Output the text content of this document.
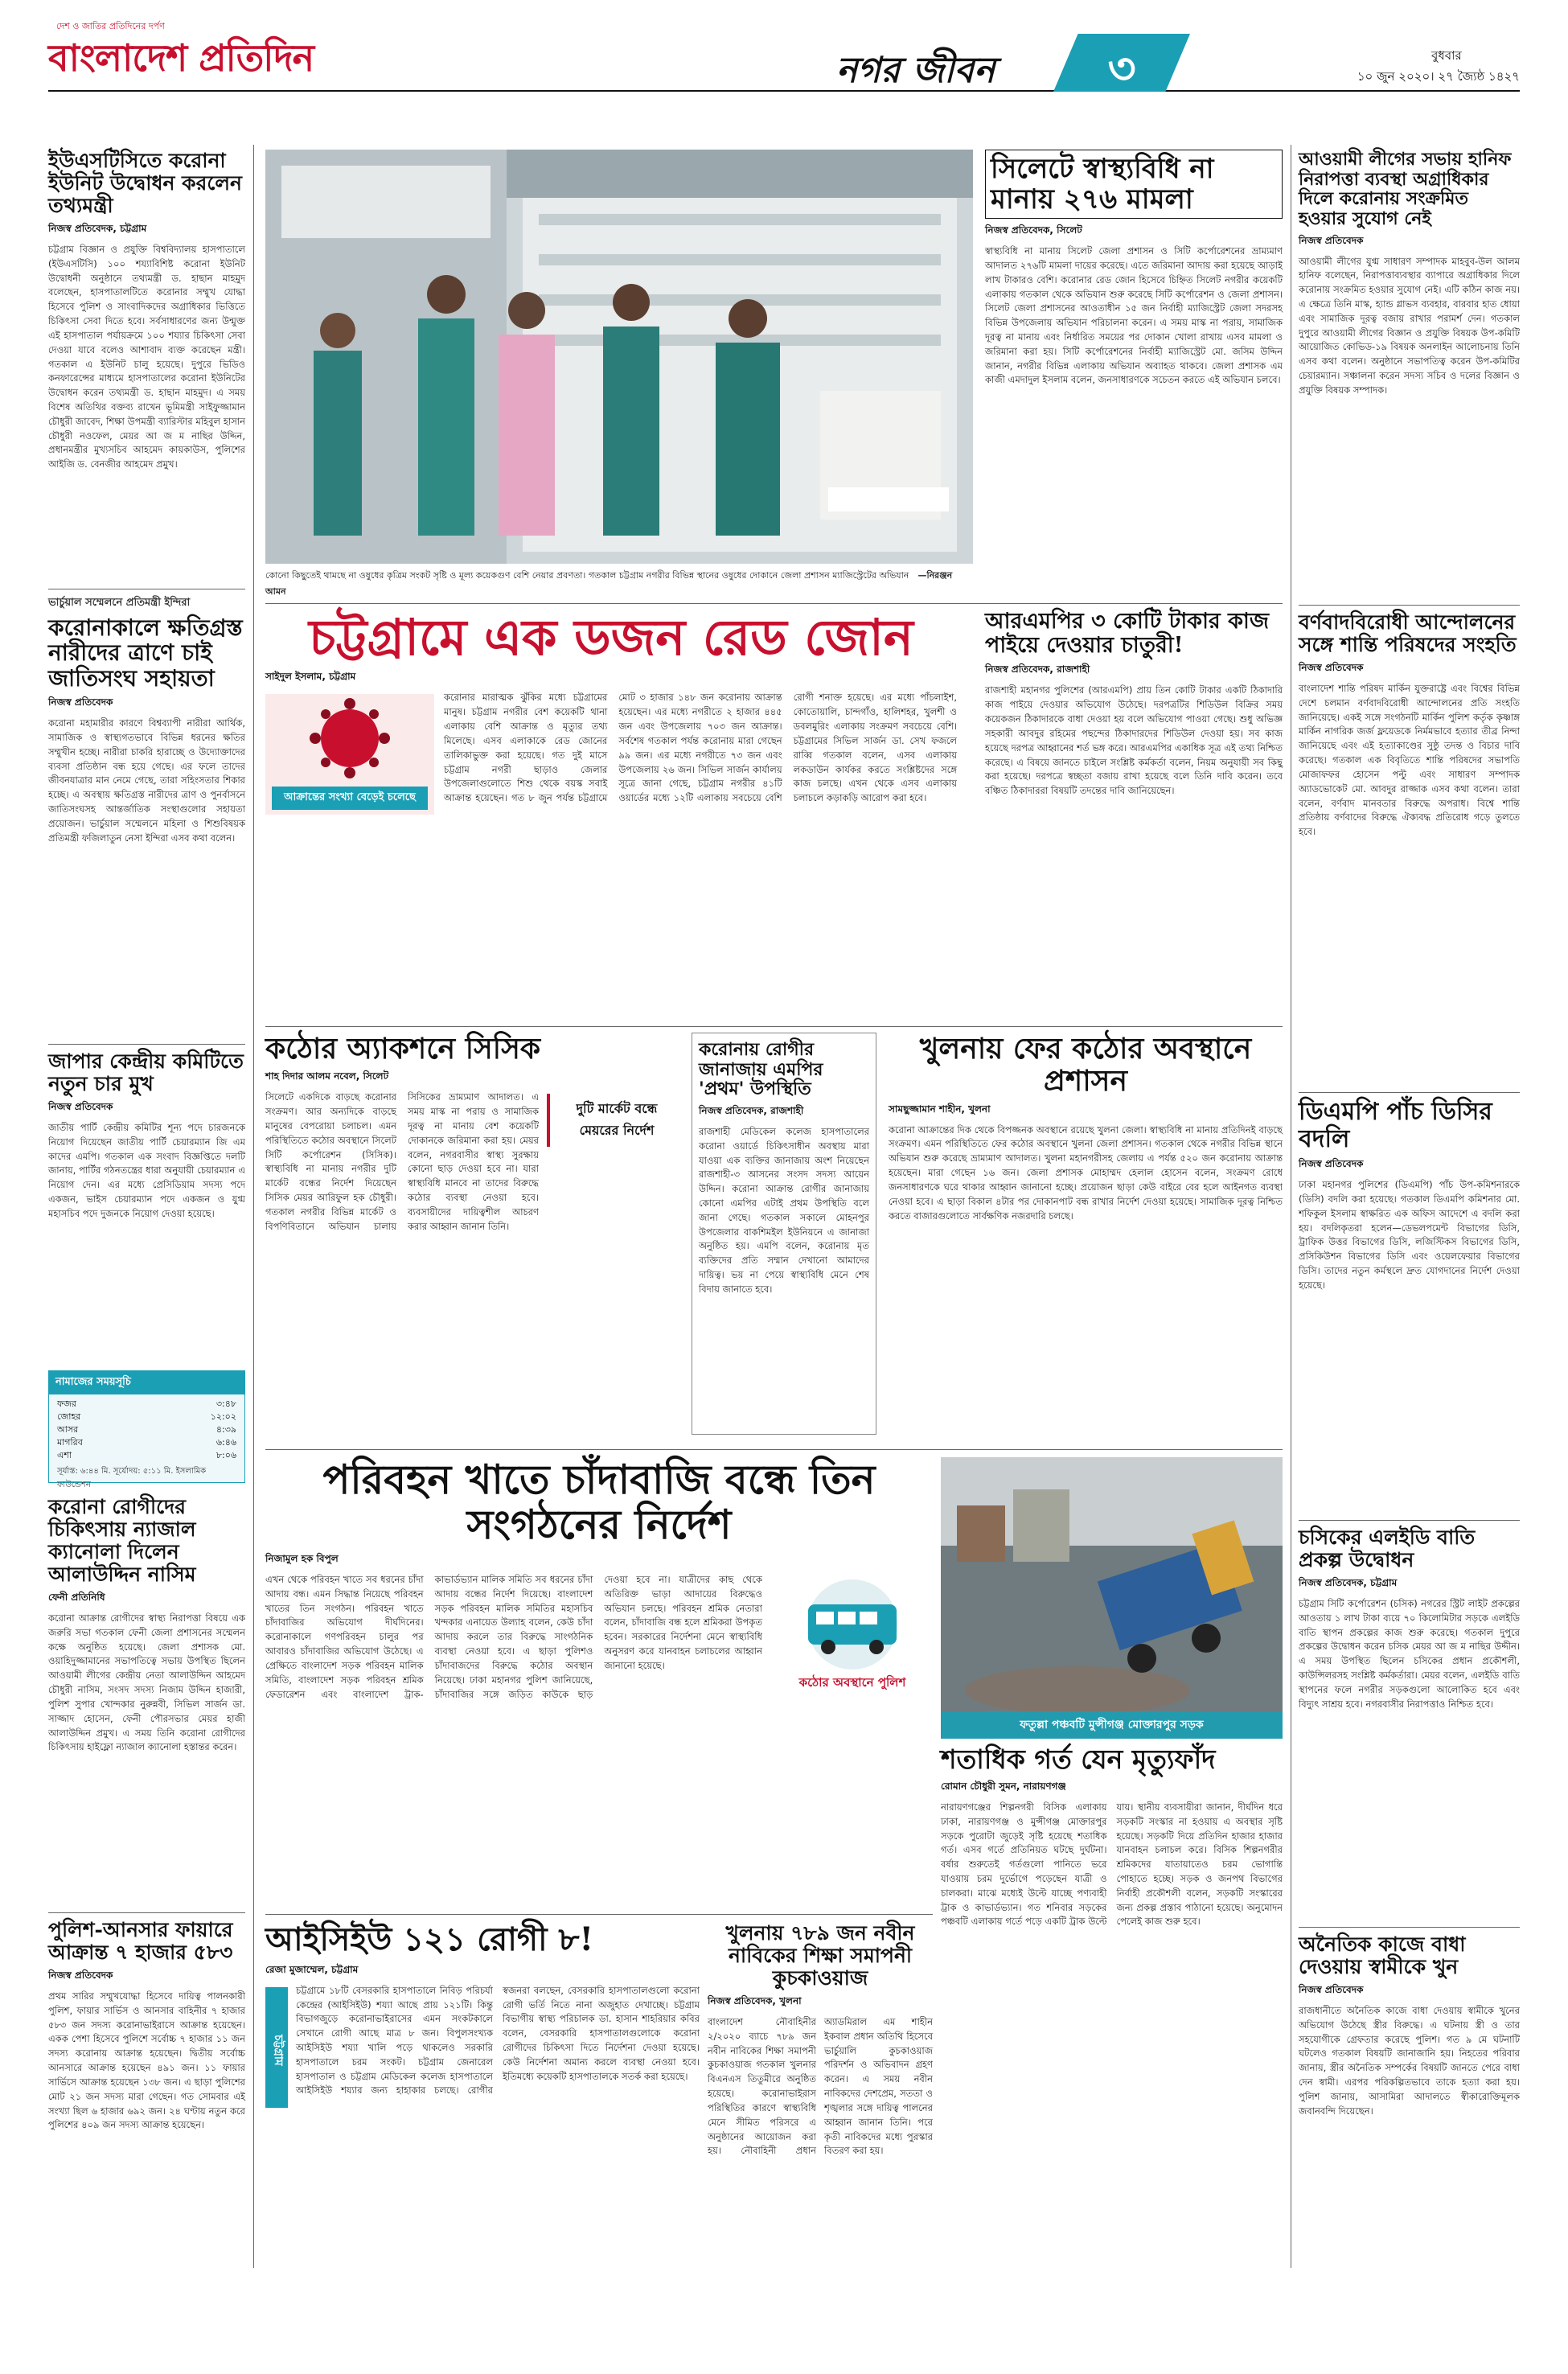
দেশ ও জাতির প্রতিদিনের দর্পণ
বাংলাদেশ প্রতিদিন	নগর জীবন	৩	বুধবার
১০ জুন ২০২০। ২৭ জ্যৈষ্ঠ ১৪২৭
ইউএসটিসিতে করোনা ইউনিট উদ্বোধন করলেন তথ্যমন্ত্রী
নিজস্ব প্রতিবেদক, চট্টগ্রাম
চট্টগ্রাম বিজ্ঞান ও প্রযুক্তি বিশ্ববিদ্যালয় হাসপাতালে (ইউএসটিসি) ১০০ শয্যাবিশিষ্ট করোনা ইউনিট উদ্বোধনী অনুষ্ঠানে তথ্যমন্ত্রী ড. হাছান মাহমুদ বলেছেন, হাসপাতালটিতে করোনার সম্মুখ যোদ্ধা হিসেবে পুলিশ ও সাংবাদিকদের অগ্রাধিকার ভিত্তিতে চিকিৎসা সেবা দিতে হবে। সর্বসাধারণের জন্য উন্মুক্ত এই হাসপাতাল পর্যায়ক্রমে ১০০ শয্যার চিকিৎসা সেবা দেওয়া যাবে বলেও আশাবাদ ব্যক্ত করেছেন মন্ত্রী। গতকাল এ ইউনিট চালু হয়েছে। দুপুরে ভিডিও কনফারেন্সের মাধ্যমে হাসপাতালের করোনা ইউনিটের উদ্বোধন করেন তথ্যমন্ত্রী ড. হাছান মাহমুদ। এ সময় বিশেষ অতিথির বক্তব্য রাখেন ভূমিমন্ত্রী সাইফুজ্জামান চৌধুরী জাবেদ, শিক্ষা উপমন্ত্রী ব্যারিস্টার মহিবুল হাসান চৌধুরী নওফেল, মেয়র আ জ ম নাছির উদ্দিন, প্রধানমন্ত্রীর মুখ্যসচিব আহমেদ কায়কাউস, পুলিশের আইজি ড. বেনজীর আহমেদ প্রমুখ।
ভার্চুয়াল সম্মেলনে প্রতিমন্ত্রী ইন্দিরা
করোনাকালে ক্ষতিগ্রস্ত নারীদের ত্রাণে চাই জাতিসংঘ সহায়তা
নিজস্ব প্রতিবেদক
করোনা মহামারীর কারণে বিশ্বব্যাপী নারীরা আর্থিক, সামাজিক ও স্বাস্থ্যগতভাবে বিভিন্ন ধরনের ক্ষতির সম্মুখীন হচ্ছে। নারীরা চাকরি হারাচ্ছে ও উদ্যোক্তাদের ব্যবসা প্রতিষ্ঠান বন্ধ হয়ে গেছে। এর ফলে তাদের জীবনযাত্রার মান নেমে গেছে, তারা সহিংসতার শিকার হচ্ছে। এ অবস্থায় ক্ষতিগ্রস্ত নারীদের ত্রাণ ও পুনর্বাসনে জাতিসংঘসহ আন্তর্জাতিক সংস্থাগুলোর সহায়তা প্রয়োজন। ভার্চুয়াল সম্মেলনে মহিলা ও শিশুবিষয়ক প্রতিমন্ত্রী ফজিলাতুন নেসা ইন্দিরা এসব কথা বলেন।
জাপার কেন্দ্রীয় কমিটিতে নতুন চার মুখ
নিজস্ব প্রতিবেদক
জাতীয় পার্টি কেন্দ্রীয় কমিটির শূন্য পদে চারজনকে নিয়োগ দিয়েছেন জাতীয় পার্টি চেয়ারম্যান জি এম কাদের এমপি। গতকাল এক সংবাদ বিজ্ঞপ্তিতে দলটি জানায়, পার্টির গঠনতন্ত্রের ধারা অনুযায়ী চেয়ারম্যান এ নিয়োগ দেন। এর মধ্যে প্রেসিডিয়াম সদস্য পদে একজন, ভাইস চেয়ারম্যান পদে একজন ও যুগ্ম মহাসচিব পদে দুজনকে নিয়োগ দেওয়া হয়েছে।
নামাজের সময়সূচি
ফজর	৩:৪৮
জোহর	১২:০২
আসর	৪:৩৯
মাগরিব	৬:৪৬
এশা	৮:০৬
সূর্যাস্ত: ৬:৪৪ মি. সূর্যোদয়: ৫:১১ মি. ইসলামিক ফাউন্ডেশন
করোনা রোগীদের চিকিৎসায় ন্যাজাল ক্যানোলা দিলেন আলাউদ্দিন নাসিম
ফেনী প্রতিনিধি
করোনা আক্রান্ত রোগীদের স্বাস্থ্য নিরাপত্তা বিষয়ে এক জরুরি সভা গতকাল ফেনী জেলা প্রশাসনের সম্মেলন কক্ষে অনুষ্ঠিত হয়েছে। জেলা প্রশাসক মো. ওয়াহিদুজ্জামানের সভাপতিত্বে সভায় উপস্থিত ছিলেন আওয়ামী লীগের কেন্দ্রীয় নেতা আলাউদ্দিন আহমেদ চৌধুরী নাসিম, সংসদ সদস্য নিজাম উদ্দিন হাজারী, পুলিশ সুপার খোন্দকার নুরুন্নবী, সিভিল সার্জন ডা. সাজ্জাদ হোসেন, ফেনী পৌরসভার মেয়র হাজী আলাউদ্দিন প্রমুখ। এ সময় তিনি করোনা রোগীদের চিকিৎসায় হাইফ্লো ন্যাজাল ক্যানোলা হস্তান্তর করেন।
পুলিশ-আনসার ফায়ারে আক্রান্ত ৭ হাজার ৫৮৩
নিজস্ব প্রতিবেদক
প্রথম সারির সম্মুখযোদ্ধা হিসেবে দায়িত্ব পালনকারী পুলিশ, ফায়ার সার্ভিস ও আনসার বাহিনীর ৭ হাজার ৫৮৩ জন সদস্য করোনাভাইরাসে আক্রান্ত হয়েছেন। একক পেশা হিসেবে পুলিশে সর্বোচ্চ ৭ হাজার ১১ জন সদস্য করোনায় আক্রান্ত হয়েছেন। দ্বিতীয় সর্বোচ্চ আনসারে আক্রান্ত হয়েছেন ৪৯১ জন। ১১ ফায়ার সার্ভিসে আক্রান্ত হয়েছেন ১৩৮ জন। এ ছাড়া পুলিশের মোট ২১ জন সদস্য মারা গেছেন। গত সোমবার এই সংখ্যা ছিল ৬ হাজার ৬৯২ জন। ২৪ ঘণ্টায় নতুন করে পুলিশের ৪০৯ জন সদস্য আক্রান্ত হয়েছেন।
কোনো কিছুতেই থামছে না ওষুধের কৃত্রিম সংকট সৃষ্টি ও মূল্য কয়েকগুণ বেশি নেয়ার প্রবণতা। গতকাল চট্টগ্রাম নগরীর বিভিন্ন স্থানের ওষুধের দোকানে জেলা প্রশাসন ম্যাজিস্ট্রেটের অভিযান —নিরঞ্জন আমন
সিলেটে স্বাস্থ্যবিধি না মানায় ২৭৬ মামলা
নিজস্ব প্রতিবেদক, সিলেট
স্বাস্থ্যবিধি না মানায় সিলেট জেলা প্রশাসন ও সিটি কর্পোরেশনের ভ্রাম্যমাণ আদালত ২৭৬টি মামলা দায়ের করেছে। এতে জরিমানা আদায় করা হয়েছে আড়াই লাখ টাকারও বেশি। করোনার রেড জোন হিসেবে চিহ্নিত সিলেট নগরীর কয়েকটি এলাকায় গতকাল থেকে অভিযান শুরু করেছে সিটি কর্পোরেশন ও জেলা প্রশাসন। সিলেট জেলা প্রশাসনের আওতাধীন ১৫ জন নির্বাহী ম্যাজিস্ট্রেট জেলা সদরসহ বিভিন্ন উপজেলায় অভিযান পরিচালনা করেন। এ সময় মাস্ক না পরায়, সামাজিক দূরত্ব না মানায় এবং নির্ধারিত সময়ের পর দোকান খোলা রাখায় এসব মামলা ও জরিমানা করা হয়। সিটি কর্পোরেশনের নির্বাহী ম্যাজিস্ট্রেট মো. জসিম উদ্দিন জানান, নগরীর বিভিন্ন এলাকায় অভিযান অব্যাহত থাকবে। জেলা প্রশাসক এম কাজী এমদাদুল ইসলাম বলেন, জনসাধারণকে সচেতন করতে এই অভিযান চলবে।
আওয়ামী লীগের সভায় হানিফ নিরাপত্তা ব্যবস্থা অগ্রাধিকার দিলে করোনায় সংক্রমিত হওয়ার সুযোগ নেই
নিজস্ব প্রতিবেদক
আওয়ামী লীগের যুগ্ম সাধারণ সম্পাদক মাহবুব-উল আলম হানিফ বলেছেন, নিরাপত্তাব্যবস্থার ব্যাপারে অগ্রাধিকার দিলে করোনায় সংক্রমিত হওয়ার সুযোগ নেই। এটি কঠিন কাজ নয়। এ ক্ষেত্রে তিনি মাস্ক, হ্যান্ড গ্লাভস ব্যবহার, বারবার হাত ধোয়া এবং সামাজিক দূরত্ব বজায় রাখার পরামর্শ দেন। গতকাল দুপুরে আওয়ামী লীগের বিজ্ঞান ও প্রযুক্তি বিষয়ক উপ-কমিটি আয়োজিত কোভিড-১৯ বিষয়ক অনলাইন আলোচনায় তিনি এসব কথা বলেন। অনুষ্ঠানে সভাপতিত্ব করেন উপ-কমিটির চেয়ারম্যান। সঞ্চালনা করেন সদস্য সচিব ও দলের বিজ্ঞান ও প্রযুক্তি বিষয়ক সম্পাদক।
বর্ণবাদবিরোধী আন্দোলনের সঙ্গে শান্তি পরিষদের সংহতি
নিজস্ব প্রতিবেদক
বাংলাদেশ শান্তি পরিষদ মার্কিন যুক্তরাষ্ট্রে এবং বিশ্বের বিভিন্ন দেশে চলমান বর্ণবাদবিরোধী আন্দোলনের প্রতি সংহতি জানিয়েছে। একই সঙ্গে সংগঠনটি মার্কিন পুলিশ কর্তৃক কৃষ্ণাঙ্গ মার্কিন নাগরিক জর্জ ফ্লয়েডকে নির্মমভাবে হত্যার তীব্র নিন্দা জানিয়েছে এবং এই হত্যাকাণ্ডের সুষ্ঠু তদন্ত ও বিচার দাবি করেছে। গতকাল এক বিবৃতিতে শান্তি পরিষদের সভাপতি মোজাফফর হোসেন পল্টু এবং সাধারণ সম্পাদক অ্যাডভোকেট মো. আবদুর রাজ্জাক এসব কথা বলেন। তারা বলেন, বর্ণবাদ মানবতার বিরুদ্ধে অপরাধ। বিশ্বে শান্তি প্রতিষ্ঠায় বর্ণবাদের বিরুদ্ধে ঐক্যবদ্ধ প্রতিরোধ গড়ে তুলতে হবে।
ডিএমপি পাঁচ ডিসির বদলি
নিজস্ব প্রতিবেদক
ঢাকা মহানগর পুলিশের (ডিএমপি) পাঁচ উপ-কমিশনারকে (ডিসি) বদলি করা হয়েছে। গতকাল ডিএমপি কমিশনার মো. শফিকুল ইসলাম স্বাক্ষরিত এক অফিস আদেশে এ বদলি করা হয়। বদলিকৃতরা হলেন—ডেভলপমেন্ট বিভাগের ডিসি, ট্রাফিক উত্তর বিভাগের ডিসি, লজিস্টিকস বিভাগের ডিসি, প্রসিকিউশন বিভাগের ডিসি এবং ওয়েলফেয়ার বিভাগের ডিসি। তাদের নতুন কর্মস্থলে দ্রুত যোগদানের নির্দেশ দেওয়া হয়েছে।
চসিকের এলইডি বাতি প্রকল্প উদ্বোধন
নিজস্ব প্রতিবেদক, চট্টগ্রাম
চট্টগ্রাম সিটি কর্পোরেশন (চসিক) নগরের স্ট্রিট লাইট প্রকল্পের আওতায় ১ লাখ টাকা ব্যয়ে ৭০ কিলোমিটার সড়কে এলইডি বাতি স্থাপন প্রকল্পের কাজ শুরু করেছে। গতকাল দুপুরে প্রকল্পের উদ্বোধন করেন চসিক মেয়র আ জ ম নাছির উদ্দীন। এ সময় উপস্থিত ছিলেন চসিকের প্রধান প্রকৌশলী, কাউন্সিলরসহ সংশ্লিষ্ট কর্মকর্তারা। মেয়র বলেন, এলইডি বাতি স্থাপনের ফলে নগরীর সড়কগুলো আলোকিত হবে এবং বিদ্যুৎ সাশ্রয় হবে। নগরবাসীর নিরাপত্তাও নিশ্চিত হবে।
অনৈতিক কাজে বাধা দেওয়ায় স্বামীকে খুন
নিজস্ব প্রতিবেদক
রাজধানীতে অনৈতিক কাজে বাধা দেওয়ায় স্বামীকে খুনের অভিযোগ উঠেছে স্ত্রীর বিরুদ্ধে। এ ঘটনায় স্ত্রী ও তার সহযোগীকে গ্রেফতার করেছে পুলিশ। গত ৯ মে ঘটনাটি ঘটলেও গতকাল বিষয়টি জানাজানি হয়। নিহতের পরিবার জানায়, স্ত্রীর অনৈতিক সম্পর্কের বিষয়টি জানতে পেরে বাধা দেন স্বামী। এরপর পরিকল্পিতভাবে তাকে হত্যা করা হয়। পুলিশ জানায়, আসামিরা আদালতে স্বীকারোক্তিমূলক জবানবন্দি দিয়েছেন।
চট্টগ্রামে এক ডজন রেড জোন
সাইদুল ইসলাম, চট্টগ্রাম
আক্রান্তের সংখ্যা বেড়েই চলেছে
করোনার মারাত্মক ঝুঁকির মধ্যে চট্টগ্রামের মানুষ। চট্টগ্রাম নগরীর বেশ কয়েকটি থানা এলাকায় বেশি আক্রান্ত ও মৃত্যুর তথ্য মিলেছে। এসব এলাকাকে রেড জোনের তালিকাভুক্ত করা হয়েছে। গত দুই মাসে চট্টগ্রাম নগরী ছাড়াও জেলার উপজেলাগুলোতে শিশু থেকে বয়স্ক সবাই আক্রান্ত হয়েছেন। গত ৮ জুন পর্যন্ত চট্টগ্রামে মোট ৩ হাজার ১৪৮ জন করোনায় আক্রান্ত হয়েছেন। এর মধ্যে নগরীতে ২ হাজার ৪৪৫ জন এবং উপজেলায় ৭০৩ জন আক্রান্ত। সর্বশেষ গতকাল পর্যন্ত করোনায় মারা গেছেন ৯৯ জন। এর মধ্যে নগরীতে ৭৩ জন এবং উপজেলায় ২৬ জন। সিভিল সার্জন কার্যালয় সূত্রে জানা গেছে, চট্টগ্রাম নগরীর ৪১টি ওয়ার্ডের মধ্যে ১২টি এলাকায় সবচেয়ে বেশি রোগী শনাক্ত হয়েছে। এর মধ্যে পাঁচলাইশ, কোতোয়ালি, চান্দগাঁও, হালিশহর, খুলশী ও ডবলমুরিং এলাকায় সংক্রমণ সবচেয়ে বেশি। চট্টগ্রামের সিভিল সার্জন ডা. সেখ ফজলে রাব্বি গতকাল বলেন, এসব এলাকায় লকডাউন কার্যকর করতে সংশ্লিষ্টদের সঙ্গে কাজ চলছে। এখন থেকে এসব এলাকায় চলাচলে কড়াকড়ি আরোপ করা হবে।
আরএমপির ৩ কোটি টাকার কাজ পাইয়ে দেওয়ার চাতুরী!
নিজস্ব প্রতিবেদক, রাজশাহী
রাজশাহী মহানগর পুলিশের (আরএমপি) প্রায় তিন কোটি টাকার একটি ঠিকাদারি কাজ পাইয়ে দেওয়ার অভিযোগ উঠেছে। দরপত্রটির শিডিউল বিক্রির সময় কয়েকজন ঠিকাদারকে বাধা দেওয়া হয় বলে অভিযোগ পাওয়া গেছে। শুধু অভিজ্ঞ সহকারী আবদুর রহিমের পছন্দের ঠিকাদারদের শিডিউল দেওয়া হয়। সব কাজ হয়েছে দরপত্র আহ্বানের শর্ত ভঙ্গ করে। আরএমপির একাধিক সূত্র এই তথ্য নিশ্চিত করেছে। এ বিষয়ে জানতে চাইলে সংশ্লিষ্ট কর্মকর্তা বলেন, নিয়ম অনুযায়ী সব কিছু করা হয়েছে। দরপত্রে স্বচ্ছতা বজায় রাখা হয়েছে বলে তিনি দাবি করেন। তবে বঞ্চিত ঠিকাদাররা বিষয়টি তদন্তের দাবি জানিয়েছেন।
কঠোর অ্যাকশনে সিসিক
শাহ দিদার আলম নবেল, সিলেট
দুটি মার্কেট বন্ধে মেয়রের নির্দেশ
সিলেটে একদিকে বাড়ছে করোনার সংক্রমণ। আর অন্যদিকে বাড়ছে মানুষের বেপরোয়া চলাচল। এমন পরিস্থিতিতে কঠোর অবস্থানে সিলেট সিটি কর্পোরেশন (সিসিক)। স্বাস্থ্যবিধি না মানায় নগরীর দুটি মার্কেট বন্ধের নির্দেশ দিয়েছেন সিসিক মেয়র আরিফুল হক চৌধুরী। গতকাল নগরীর বিভিন্ন মার্কেট ও বিপণিবিতানে অভিযান চালায় সিসিকের ভ্রাম্যমাণ আদালত। এ সময় মাস্ক না পরায় ও সামাজিক দূরত্ব না মানায় বেশ কয়েকটি দোকানকে জরিমানা করা হয়। মেয়র বলেন, নগরবাসীর স্বাস্থ্য সুরক্ষায় কোনো ছাড় দেওয়া হবে না। যারা স্বাস্থ্যবিধি মানবে না তাদের বিরুদ্ধে কঠোর ব্যবস্থা নেওয়া হবে। ব্যবসায়ীদের দায়িত্বশীল আচরণ করার আহ্বান জানান তিনি।
করোনায় রোগীর জানাজায় এমপির 'প্রথম' উপস্থিতি
নিজস্ব প্রতিবেদক, রাজশাহী
রাজশাহী মেডিকেল কলেজ হাসপাতালের করোনা ওয়ার্ডে চিকিৎসাধীন অবস্থায় মারা যাওয়া এক ব্যক্তির জানাজায় অংশ নিয়েছেন রাজশাহী-৩ আসনের সংসদ সদস্য আয়েন উদ্দিন। করোনা আক্রান্ত রোগীর জানাজায় কোনো এমপির এটাই প্রথম উপস্থিতি বলে জানা গেছে। গতকাল সকালে মোহনপুর উপজেলার বাকশিমইল ইউনিয়নে এ জানাজা অনুষ্ঠিত হয়। এমপি বলেন, করোনায় মৃত ব্যক্তিদের প্রতি সম্মান দেখানো আমাদের দায়িত্ব। ভয় না পেয়ে স্বাস্থ্যবিধি মেনে শেষ বিদায় জানাতে হবে।
খুলনায় ফের কঠোর অবস্থানে প্রশাসন
সামছুজ্জামান শাহীন, খুলনা
করোনা আক্রান্তের দিক থেকে বিপজ্জনক অবস্থানে রয়েছে খুলনা জেলা। স্বাস্থ্যবিধি না মানায় প্রতিদিনই বাড়ছে সংক্রমণ। এমন পরিস্থিতিতে ফের কঠোর অবস্থানে খুলনা জেলা প্রশাসন। গতকাল থেকে নগরীর বিভিন্ন স্থানে অভিযান শুরু করেছে ভ্রাম্যমাণ আদালত। খুলনা মহানগরীসহ জেলায় এ পর্যন্ত ৫২০ জন করোনায় আক্রান্ত হয়েছেন। মারা গেছেন ১৬ জন। জেলা প্রশাসক মোহাম্মদ হেলাল হোসেন বলেন, সংক্রমণ রোধে জনসাধারণকে ঘরে থাকার আহ্বান জানানো হচ্ছে। প্রয়োজন ছাড়া কেউ বাইরে বের হলে আইনগত ব্যবস্থা নেওয়া হবে। এ ছাড়া বিকাল ৪টার পর দোকানপাট বন্ধ রাখার নির্দেশ দেওয়া হয়েছে। সামাজিক দূরত্ব নিশ্চিত করতে বাজারগুলোতে সার্বক্ষণিক নজরদারি চলছে।
পরিবহন খাতে চাঁদাবাজি বন্ধে তিন সংগঠনের নির্দেশ
নিজামুল হক বিপুল
কঠোর অবস্থানে পুলিশ
এখন থেকে পরিবহন খাতে সব ধরনের চাঁদা আদায় বন্ধ। এমন সিদ্ধান্ত নিয়েছে পরিবহন খাতের তিন সংগঠন। পরিবহন খাতে চাঁদাবাজির অভিযোগ দীর্ঘদিনের। করোনাকালে গণপরিবহন চালুর পর আবারও চাঁদাবাজির অভিযোগ উঠেছে। এ প্রেক্ষিতে বাংলাদেশ সড়ক পরিবহন মালিক সমিতি, বাংলাদেশ সড়ক পরিবহন শ্রমিক ফেডারেশন এবং বাংলাদেশ ট্রাক-কাভার্ডভ্যান মালিক সমিতি সব ধরনের চাঁদা আদায় বন্ধের নির্দেশ দিয়েছে। বাংলাদেশ সড়ক পরিবহন মালিক সমিতির মহাসচিব খন্দকার এনায়েত উল্যাহ বলেন, কেউ চাঁদা আদায় করলে তার বিরুদ্ধে সাংগঠনিক ব্যবস্থা নেওয়া হবে। এ ছাড়া পুলিশও চাঁদাবাজদের বিরুদ্ধে কঠোর অবস্থান নিয়েছে। ঢাকা মহানগর পুলিশ জানিয়েছে, চাঁদাবাজির সঙ্গে জড়িত কাউকে ছাড় দেওয়া হবে না। যাত্রীদের কাছ থেকে অতিরিক্ত ভাড়া আদায়ের বিরুদ্ধেও অভিযান চলছে। পরিবহন শ্রমিক নেতারা বলেন, চাঁদাবাজি বন্ধ হলে শ্রমিকরা উপকৃত হবেন। সরকারের নির্দেশনা মেনে স্বাস্থ্যবিধি অনুসরণ করে যানবাহন চলাচলের আহ্বান জানানো হয়েছে।
ফতুল্লা পঞ্চবটি মুন্সীগঞ্জ মোক্তারপুর সড়ক
শতাধিক গর্ত যেন মৃত্যুফাঁদ
রোমান চৌধুরী সুমন, নারায়ণগঞ্জ
নারায়ণগঞ্জের শিল্পনগরী বিসিক এলাকায় ঢাকা, নারায়ণগঞ্জ ও মুন্সীগঞ্জ মোক্তারপুর সড়কে পুরোটা জুড়েই সৃষ্টি হয়েছে শতাধিক গর্ত। এসব গর্তে প্রতিনিয়ত ঘটছে দুর্ঘটনা। বর্ষার শুরুতেই গর্তগুলো পানিতে ভরে যাওয়ায় চরম দুর্ভোগে পড়েছেন যাত্রী ও চালকরা। মাঝে মধ্যেই উল্টে যাচ্ছে পণ্যবাহী ট্রাক ও কাভার্ডভ্যান। গত শনিবার সড়কের পঞ্চবটি এলাকায় গর্তে পড়ে একটি ট্রাক উল্টে যায়। স্থানীয় ব্যবসায়ীরা জানান, দীর্ঘদিন ধরে সড়কটি সংস্কার না হওয়ায় এ অবস্থার সৃষ্টি হয়েছে। সড়কটি দিয়ে প্রতিদিন হাজার হাজার যানবাহন চলাচল করে। বিসিক শিল্পনগরীর শ্রমিকদের যাতায়াতেও চরম ভোগান্তি পোহাতে হচ্ছে। সড়ক ও জনপথ বিভাগের নির্বাহী প্রকৌশলী বলেন, সড়কটি সংস্কারের জন্য প্রকল্প প্রস্তাব পাঠানো হয়েছে। অনুমোদন পেলেই কাজ শুরু হবে।
আইসিইউ ১২১ রোগী ৮!
রেজা মুজাম্মেল, চট্টগ্রাম
চট্টগ্রাম
চট্টগ্রামে ১৮টি বেসরকারি হাসপাতালে নিবিড় পরিচর্যা কেন্দ্রের (আইসিইউ) শয্যা আছে প্রায় ১২১টি। কিন্তু বিভাগজুড়ে করোনাভাইরাসের এমন সংকটকালে সেখানে রোগী আছে মাত্র ৮ জন। বিপুলসংখ্যক আইসিইউ শয্যা খালি পড়ে থাকলেও সরকারি হাসপাতালে চরম সংকট। চট্টগ্রাম জেনারেল হাসপাতাল ও চট্টগ্রাম মেডিকেল কলেজ হাসপাতালে আইসিইউ শয্যার জন্য হাহাকার চলছে। রোগীর স্বজনরা বলছেন, বেসরকারি হাসপাতালগুলো করোনা রোগী ভর্তি নিতে নানা অজুহাত দেখাচ্ছে। চট্টগ্রাম বিভাগীয় স্বাস্থ্য পরিচালক ডা. হাসান শাহরিয়ার কবির বলেন, বেসরকারি হাসপাতালগুলোকে করোনা রোগীদের চিকিৎসা দিতে নির্দেশনা দেওয়া হয়েছে। কেউ নির্দেশনা অমান্য করলে ব্যবস্থা নেওয়া হবে। ইতিমধ্যে কয়েকটি হাসপাতালকে সতর্ক করা হয়েছে।
খুলনায় ৭৮৯ জন নবীন নাবিকের শিক্ষা সমাপনী কুচকাওয়াজ
নিজস্ব প্রতিবেদক, খুলনা
বাংলাদেশ নৌবাহিনীর ২/২০২০ ব্যাচে ৭৮৯ জন নবীন নাবিকের শিক্ষা সমাপনী কুচকাওয়াজ গতকাল খুলনার বিএনএস তিতুমীরে অনুষ্ঠিত হয়েছে। করোনাভাইরাস পরিস্থিতির কারণে স্বাস্থ্যবিধি মেনে সীমিত পরিসরে এ অনুষ্ঠানের আয়োজন করা হয়। নৌবাহিনী প্রধান অ্যাডমিরাল এম শাহীন ইকবাল প্রধান অতিথি হিসেবে ভার্চুয়ালি কুচকাওয়াজ পরিদর্শন ও অভিবাদন গ্রহণ করেন। এ সময় নবীন নাবিকদের দেশপ্রেম, সততা ও শৃঙ্খলার সঙ্গে দায়িত্ব পালনের আহ্বান জানান তিনি। পরে কৃতী নাবিকদের মধ্যে পুরস্কার বিতরণ করা হয়।
